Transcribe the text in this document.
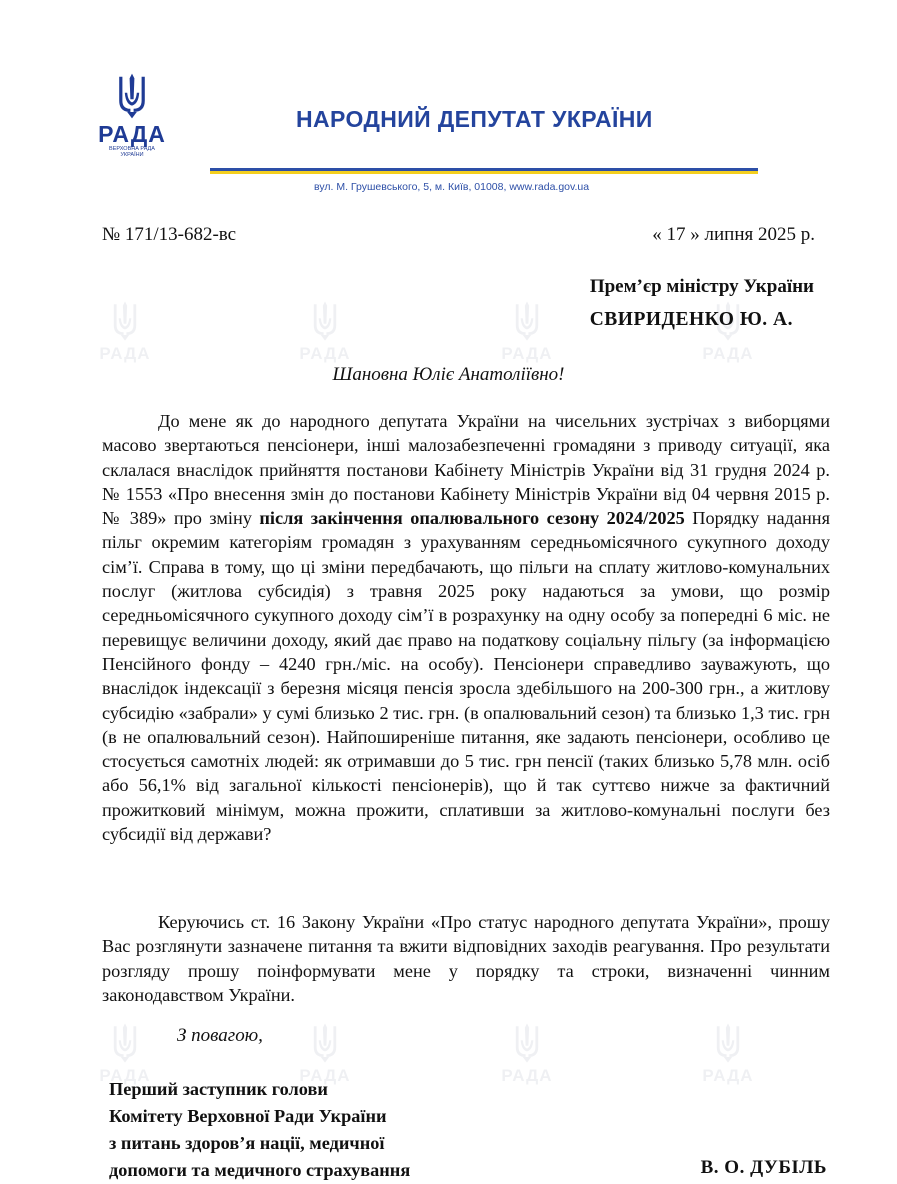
РАДА	РАДА	РАДА	РАДА
РАДА	РАДА	РАДА	РАДА
РАДА
ВЕРХОВНА РАДА
УКРАЇНИ
НАРОДНИЙ ДЕПУТАТ УКРАЇНИ
вул. М. Грушевського, 5, м. Київ, 01008, www.rada.gov.ua
№ 171/13-682-вс	« 17 » липня 2025 р.
Прем’єр міністру України
СВИРИДЕНКО Ю. А.
Шановна Юліє Анатоліївно!

До мене як до народного депутата України на чисельних зустрічах з виборцями масово звертаються пенсіонери, інші малозабезпеченні громадяни з приводу ситуації, яка склалася внаслідок прийняття постанови Кабінету Міністрів України від 31 грудня 2024 р. № 1553 «Про внесення змін до постанови Кабінету Міністрів України від 04 червня 2015 р. № 389» про зміну після закінчення опалювального сезону 2024/2025 Порядку надання пільг окремим категоріям громадян з урахуванням середньомісячного сукупного доходу сім’ї. Справа в тому, що ці зміни передбачають, що пільги на сплату житлово-комунальних послуг (житлова субсидія) з травня 2025 року надаються за умови, що розмір середньомісячного сукупного доходу сім’ї в розрахунку на одну особу за попередні 6 міс. не перевищує величини доходу, який дає право на податкову соціальну пільгу (за інформацією Пенсійного фонду – 4240 грн./міс. на особу). Пенсіонери справедливо зауважують, що внаслідок індексації з березня місяця пенсія зросла здебільшого на 200-300 грн., а житлову субсидію «забрали» у сумі близько 2 тис. грн. (в опалювальний сезон) та близько 1,3 тис. грн (в не опалювальний сезон). Найпоширеніше питання, яке задають пенсіонери, особливо це стосується самотніх людей: як отримавши до 5 тис. грн пенсії (таких близько 5,78 млн. осіб або 56,1% від загальної кількості пенсіонерів), що й так суттєво нижче за фактичний прожитковий мінімум, можна прожити, сплативши за житлово-комунальні послуги без субсидії від держави?

Керуючись ст. 16 Закону України «Про статус народного депутата України», прошу Вас розглянути зазначене питання та вжити відповідних заходів реагування. Про результати розгляду прошу поінформувати мене у порядку та строки, визначенні чинним законодавством України.

З повагою,
Перший заступник голови
Комітету Верховної Ради України
з питань здоров’я нації, медичної
допомоги та медичного страхування	В. О. ДУБІЛЬ
